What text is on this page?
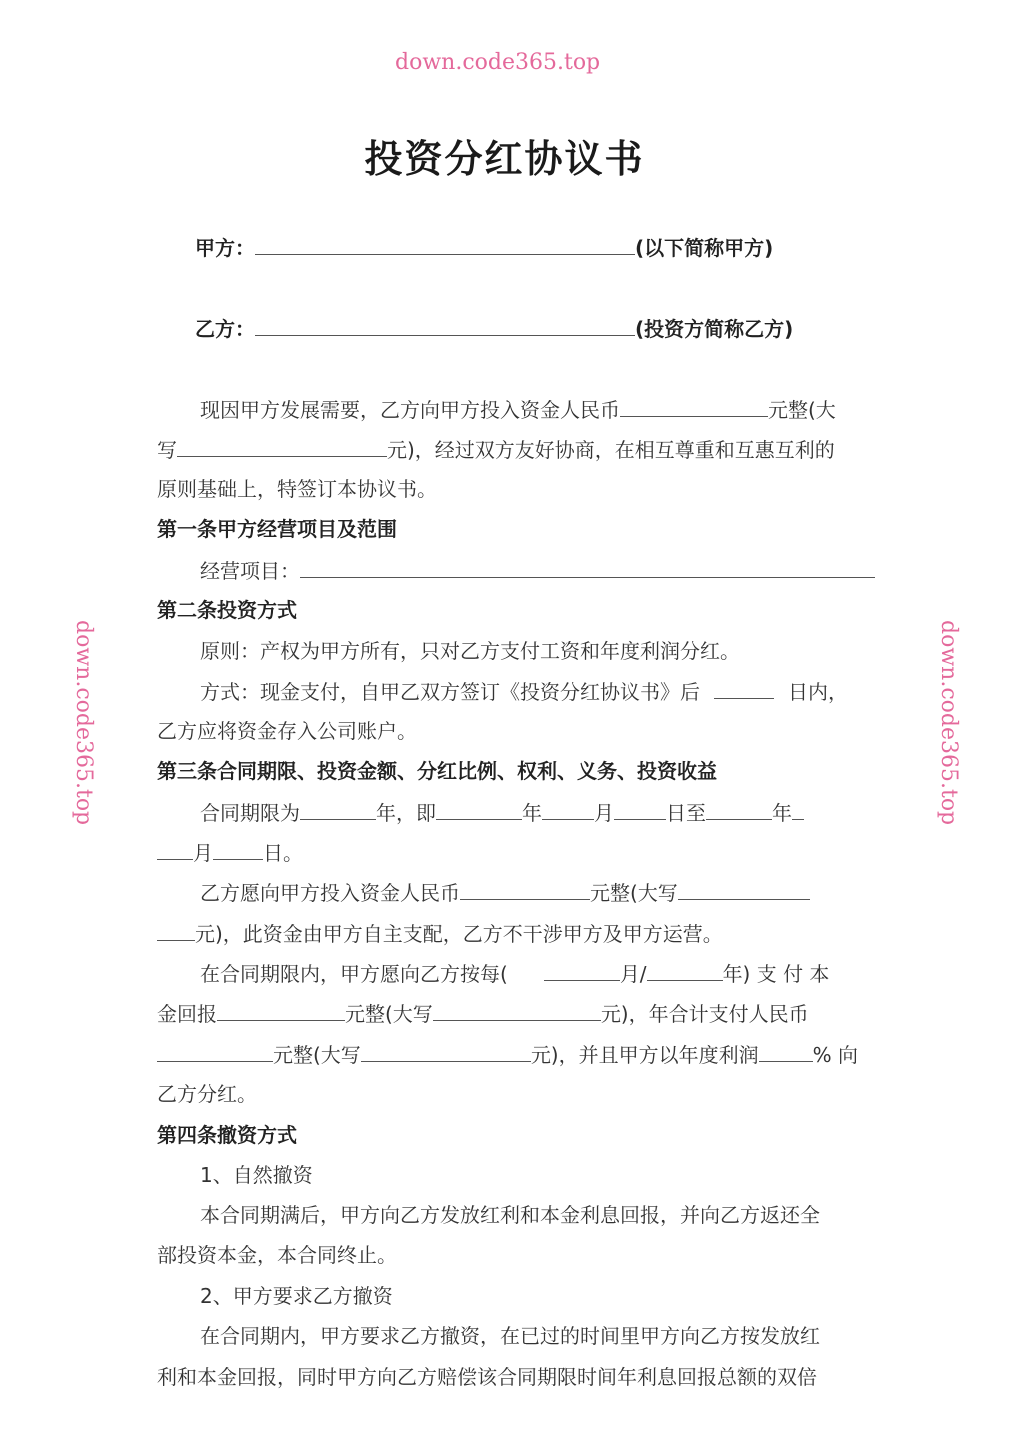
投资分红协议书
甲方：	(以下简称甲方)
乙方：	(投资方简称乙方)
现因甲方发展需要，乙方向甲方投入资金人民币	元整(大
写	元)，经过双方友好协商，在相互尊重和互惠互利的
原则基础上，特签订本协议书。
第一条甲方经营项目及范围
经营项目：
第二条投资方式
原则：产权为甲方所有，只对乙方支付工资和年度利润分红。
方式：现金支付，自甲乙双方签订《投资分红协议书》后	日内，
乙方应将资金存入公司账户。
第三条合同期限、投资金额、分红比例、权利、义务、投资收益
合同期限为	年，即	年	月	日至	年
月	日。
乙方愿向甲方投入资金人民币	元整(大写
元)，此资金由甲方自主支配，乙方不干涉甲方及甲方运营。
在合同期限内，甲方愿向乙方按每(	月/	年) 支 付 本
金回报	元整(大写	元)，年合计支付人民币
元整(大写	元)，并且甲方以年度利润	% 向
乙方分红。
第四条撤资方式
1、自然撤资
本合同期满后，甲方向乙方发放红利和本金利息回报，并向乙方返还全
部投资本金，本合同终止。
2、甲方要求乙方撤资
在合同期内，甲方要求乙方撤资，在已过的时间里甲方向乙方按发放红
利和本金回报，同时甲方向乙方赔偿该合同期限时间年利息回报总额的双倍
down.code365.top
down.code365.top
down.code365.top
